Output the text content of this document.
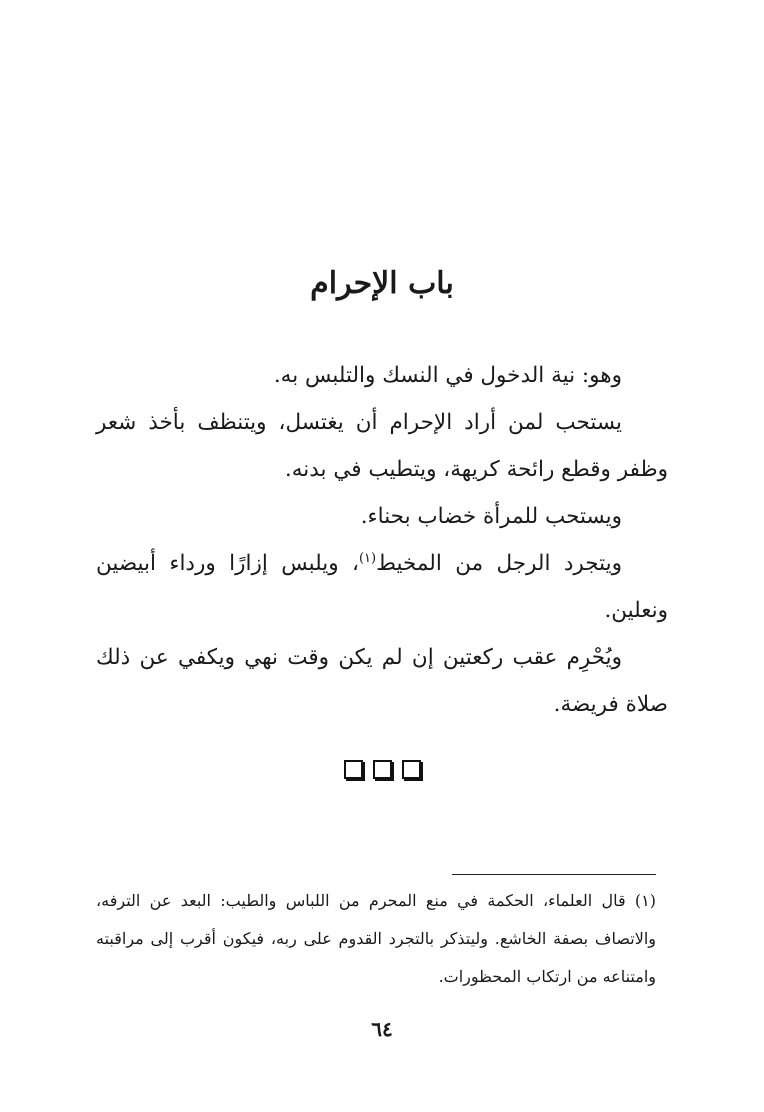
باب الإحرام

وهو: نية الدخول في النسك والتلبس به.

يستحب لمن أراد الإحرام أن يغتسل، ويتنظف بأخذ شعر وظفر وقطع رائحة كريهة، ويتطيب في بدنه.

ويستحب للمرأة خضاب بحناء.

ويتجرد الرجل من المخيط$^{(١)}$، ويلبس إزارًا ورداء أبيضين ونعلين.

ويُحْرِم عقب ركعتين إن لم يكن وقت نهي ويكفي عن ذلك صلاة فريضة.

(١) قال العلماء، الحكمة في منع المحرم من اللباس والطيب: البعد عن الترفه، والاتصاف بصفة الخاشع. وليتذكر بالتجرد القدوم على ربه، فيكون أقرب إلى مراقبته وامتناعه من ارتكاب المحظورات.

٦٤
